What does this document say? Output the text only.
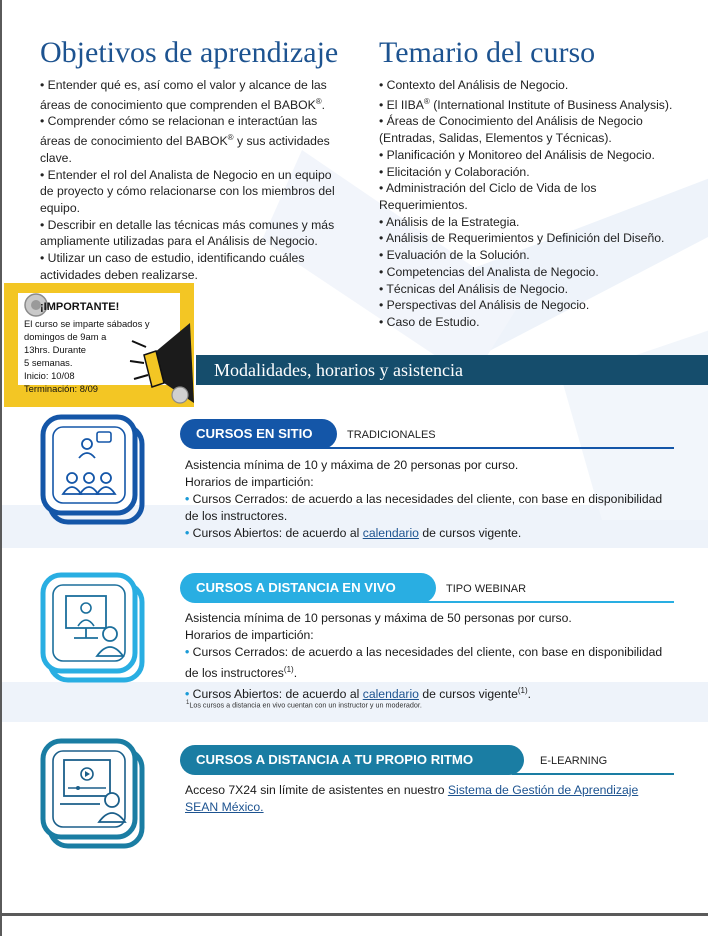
Objetivos de aprendizaje

• Entender qué es, así como el valor y alcance de las áreas de conocimiento que comprenden el BABOK®.

• Comprender cómo se relacionan e interactúan las áreas de conocimiento del BABOK® y sus actividades clave.

• Entender el rol del Analista de Negocio en un equipo de proyecto y cómo relacionarse con los miembros del equipo.

• Describir en detalle las técnicas más comunes y más ampliamente utilizadas para el Análisis de Negocio.

• Utilizar un caso de estudio, identificando cuáles actividades deben realizarse.

Temario del curso

• Contexto del Análisis de Negocio.

• El IIBA® (International Institute of Business Analysis).

• Áreas de Conocimiento del Análisis de Negocio (Entradas, Salidas, Elementos y Técnicas).

• Planificación y Monitoreo del Análisis de Negocio.

• Elicitación y Colaboración.

• Administración del Ciclo de Vida de los Requerimientos.

• Análisis de la Estrategia.

• Análisis de Requerimientos y Definición del Diseño.

• Evaluación de la Solución.

• Competencias del Analista de Negocio.

• Técnicas del Análisis de Negocio.

• Perspectivas del Análisis de Negocio.

• Caso de Estudio.

¡IMPORTANTE!
El curso se imparte sábados y
domingos de 9am a
13hrs. Durante
5 semanas.
Inicio: 10/08
Terminación: 8/09
Modalidades, horarios y asistencia
CURSOS EN SITIO	TRADICIONALES

Asistencia mínima de 10 y máxima de 20 personas por curso.

Horarios de impartición:

• Cursos Cerrados: de acuerdo a las necesidades del cliente, con base en disponibilidad

de los instructores.

• Cursos Abiertos: de acuerdo al calendario de cursos vigente.

CURSOS A DISTANCIA EN VIVO	TIPO WEBINAR

Asistencia mínima de 10 personas y máxima de 50 personas por curso.

Horarios de impartición:

• Cursos Cerrados: de acuerdo a las necesidades del cliente, con base en disponibilidad

de los instructores$^{(1)}$.

• Cursos Abiertos: de acuerdo al calendario de cursos vigente$^{(1)}$.

$^1$Los cursos a distancia en vivo cuentan con un instructor y un moderador.
CURSOS A DISTANCIA A TU PROPIO RITMO	E-LEARNING

Acceso 7X24 sin límite de asistentes en nuestro Sistema de Gestión de Aprendizaje

SEAN México.
